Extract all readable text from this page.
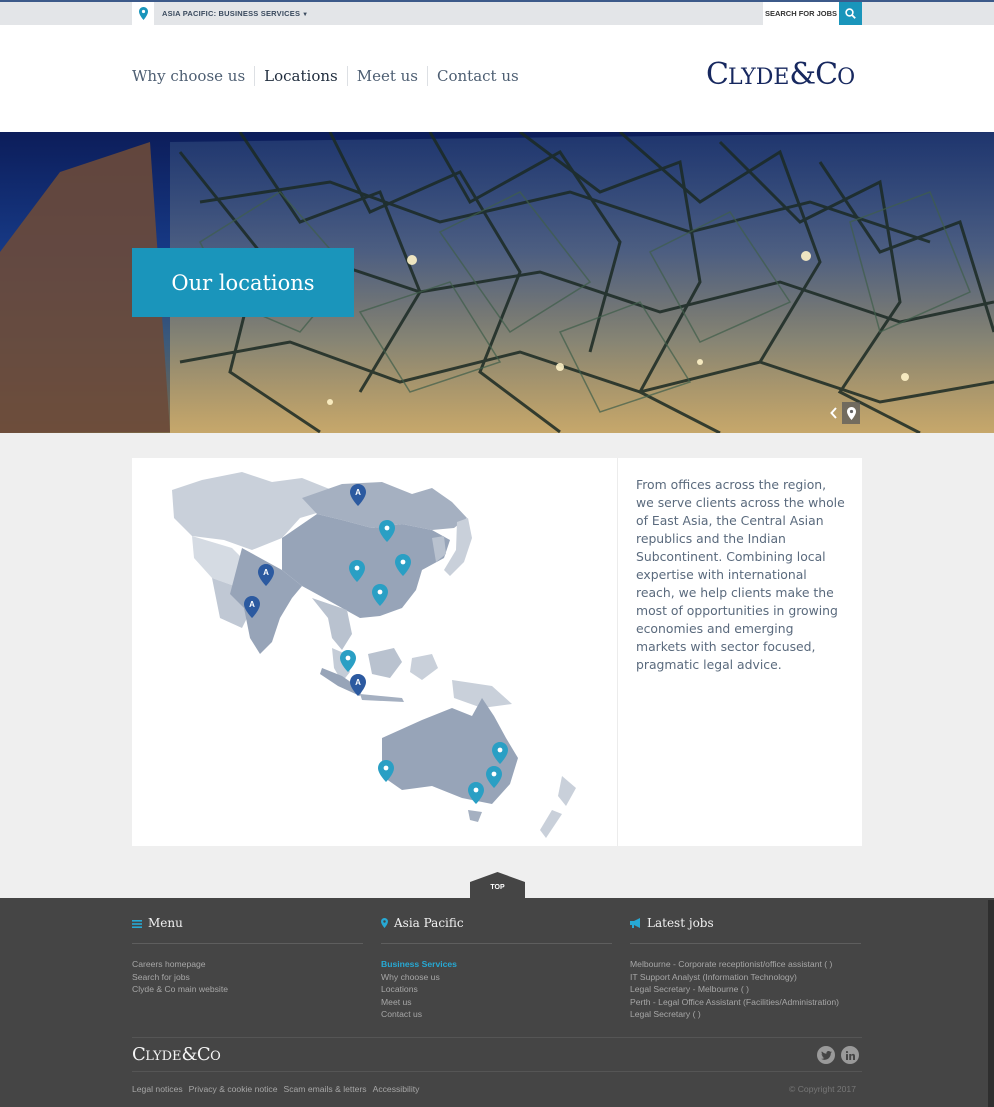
ASIA PACIFIC: BUSINESS SERVICES ▼	SEARCH FOR JOBS
Why choose us	Locations	Meet us	Contact us	CLYDE&CO
Our locations
A
A
A
A

From offices across the region, we serve clients across the whole of East Asia, the Central Asian republics and the Indian Subcontinent. Combining local expertise with international reach, we help clients make the most of opportunities in growing economies and emerging markets with sector focused, pragmatic legal advice.

TOP
Menu
Careers homepage
Search for jobs
Clyde & Co main website
Asia Pacific
Business Services
Why choose us
Locations
Meet us
Contact us
Latest jobs
Melbourne - Corporate receptionist/office assistant ( )
IT Support Analyst (Information Technology)
Legal Secretary - Melbourne ( )
Perth - Legal Office Assistant (Facilities/Administration)
Legal Secretary ( )
CLYDE&CO
Legal notices Privacy & cookie notice Scam emails & letters Accessibility	© Copyright 2017
